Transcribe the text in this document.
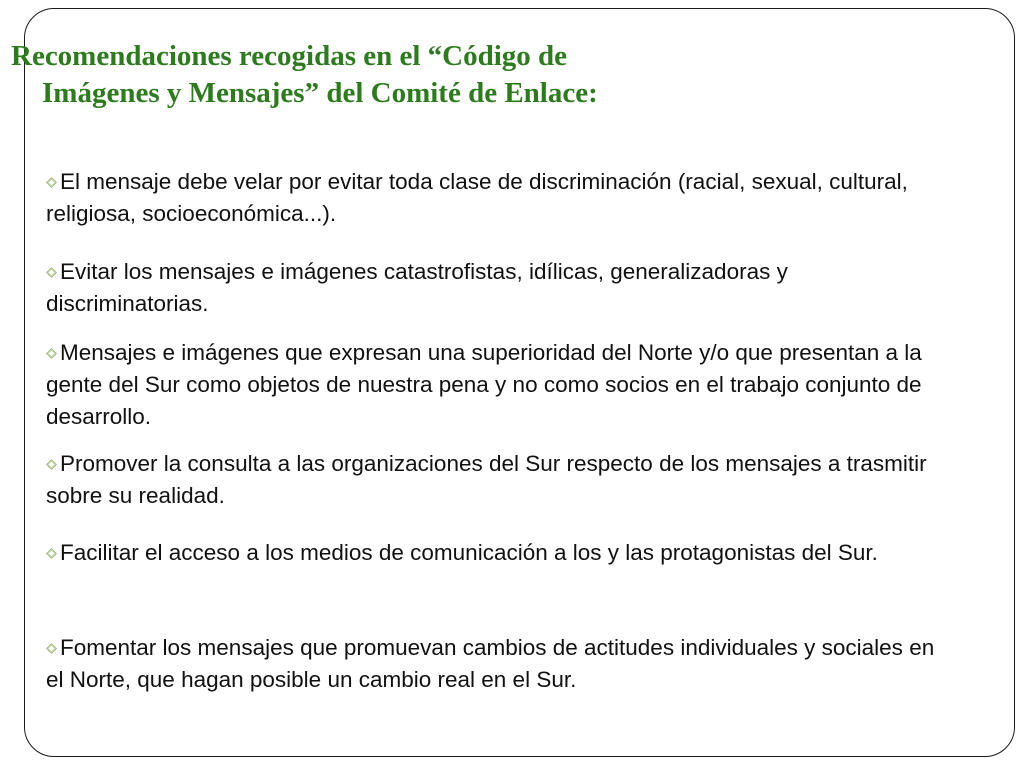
Recomendaciones recogidas en el “Código de
Imágenes y Mensajes” del Comité de Enlace:
El mensaje debe velar por evitar toda clase de discriminación (racial, sexual, cultural, religiosa, socioeconómica...).
Evitar los mensajes e imágenes catastrofistas, idílicas, generalizadoras y discriminatorias.
Mensajes e imágenes que expresan una superioridad del Norte y/o que presentan a la gente del Sur como objetos de nuestra pena y no como socios en el trabajo conjunto de desarrollo.
Promover la consulta a las organizaciones del Sur respecto de los mensajes a trasmitir sobre su realidad.
Facilitar el acceso a los medios de comunicación a los y las protagonistas del Sur.
Fomentar los mensajes que promuevan cambios de actitudes individuales y sociales en el Norte, que hagan posible un cambio real en el Sur.
